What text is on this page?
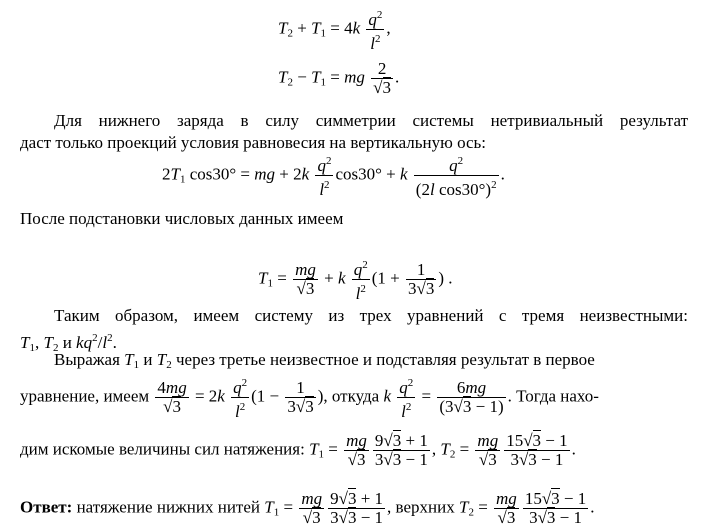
$T_2 + T_1 = 4k \frac{q^2}{l^2}$ ,
$T_2 - T_1$ = mg $\frac{2}{√3}$ .
Для нижнего заряда в силу симметрии системы нетривиальный результат
даст только проекций условия равновесия на вертикальную ось:
$2T_1$ cos30° = mg + $2k \frac{q^2}{l^2} \cos 30^\circ + k \frac{q^2}{(2l \cos 30^\circ)^2}$ .
После подстановки числовых данных имеем
$T_1 = \frac{mg}{√3} + k \frac{q^2}{l^2} (1 + \frac{1}{3√3}$ ) .
Таким образом, имеем систему из трех уравнений с тремя неизвестными:
$T_1$, $T_2$ и $kq^2/l^2$.
Выражая $T_1$ и $T_2$ через третье неизвестное и подставляя результат в первое
уравнение, имеем $\frac{4mg}{√3} = 2k \frac{q^2}{l^2} (1 - \frac{1}{3√3}$ ), откуда k $\frac{q^2}{l^2} = \frac{6mg}{(3√3 - 1)}$ . Тогда нахо-
дим искомые величины сил натяжения: $T_1 = \frac{mg}{√3} \frac{9√3 + 1}{3√3 - 1}$ , $T_2 = \frac{mg}{√3} \frac{15√3 - 1}{3√3 - 1}$ .
Ответ: натяжение нижних нитей $T_1 = \frac{mg}{√3} \frac{9√3 + 1}{3√3 - 1}$ , верхних $T_2 = \frac{mg}{√3} \frac{15√3 - 1}{3√3 - 1}$ .
